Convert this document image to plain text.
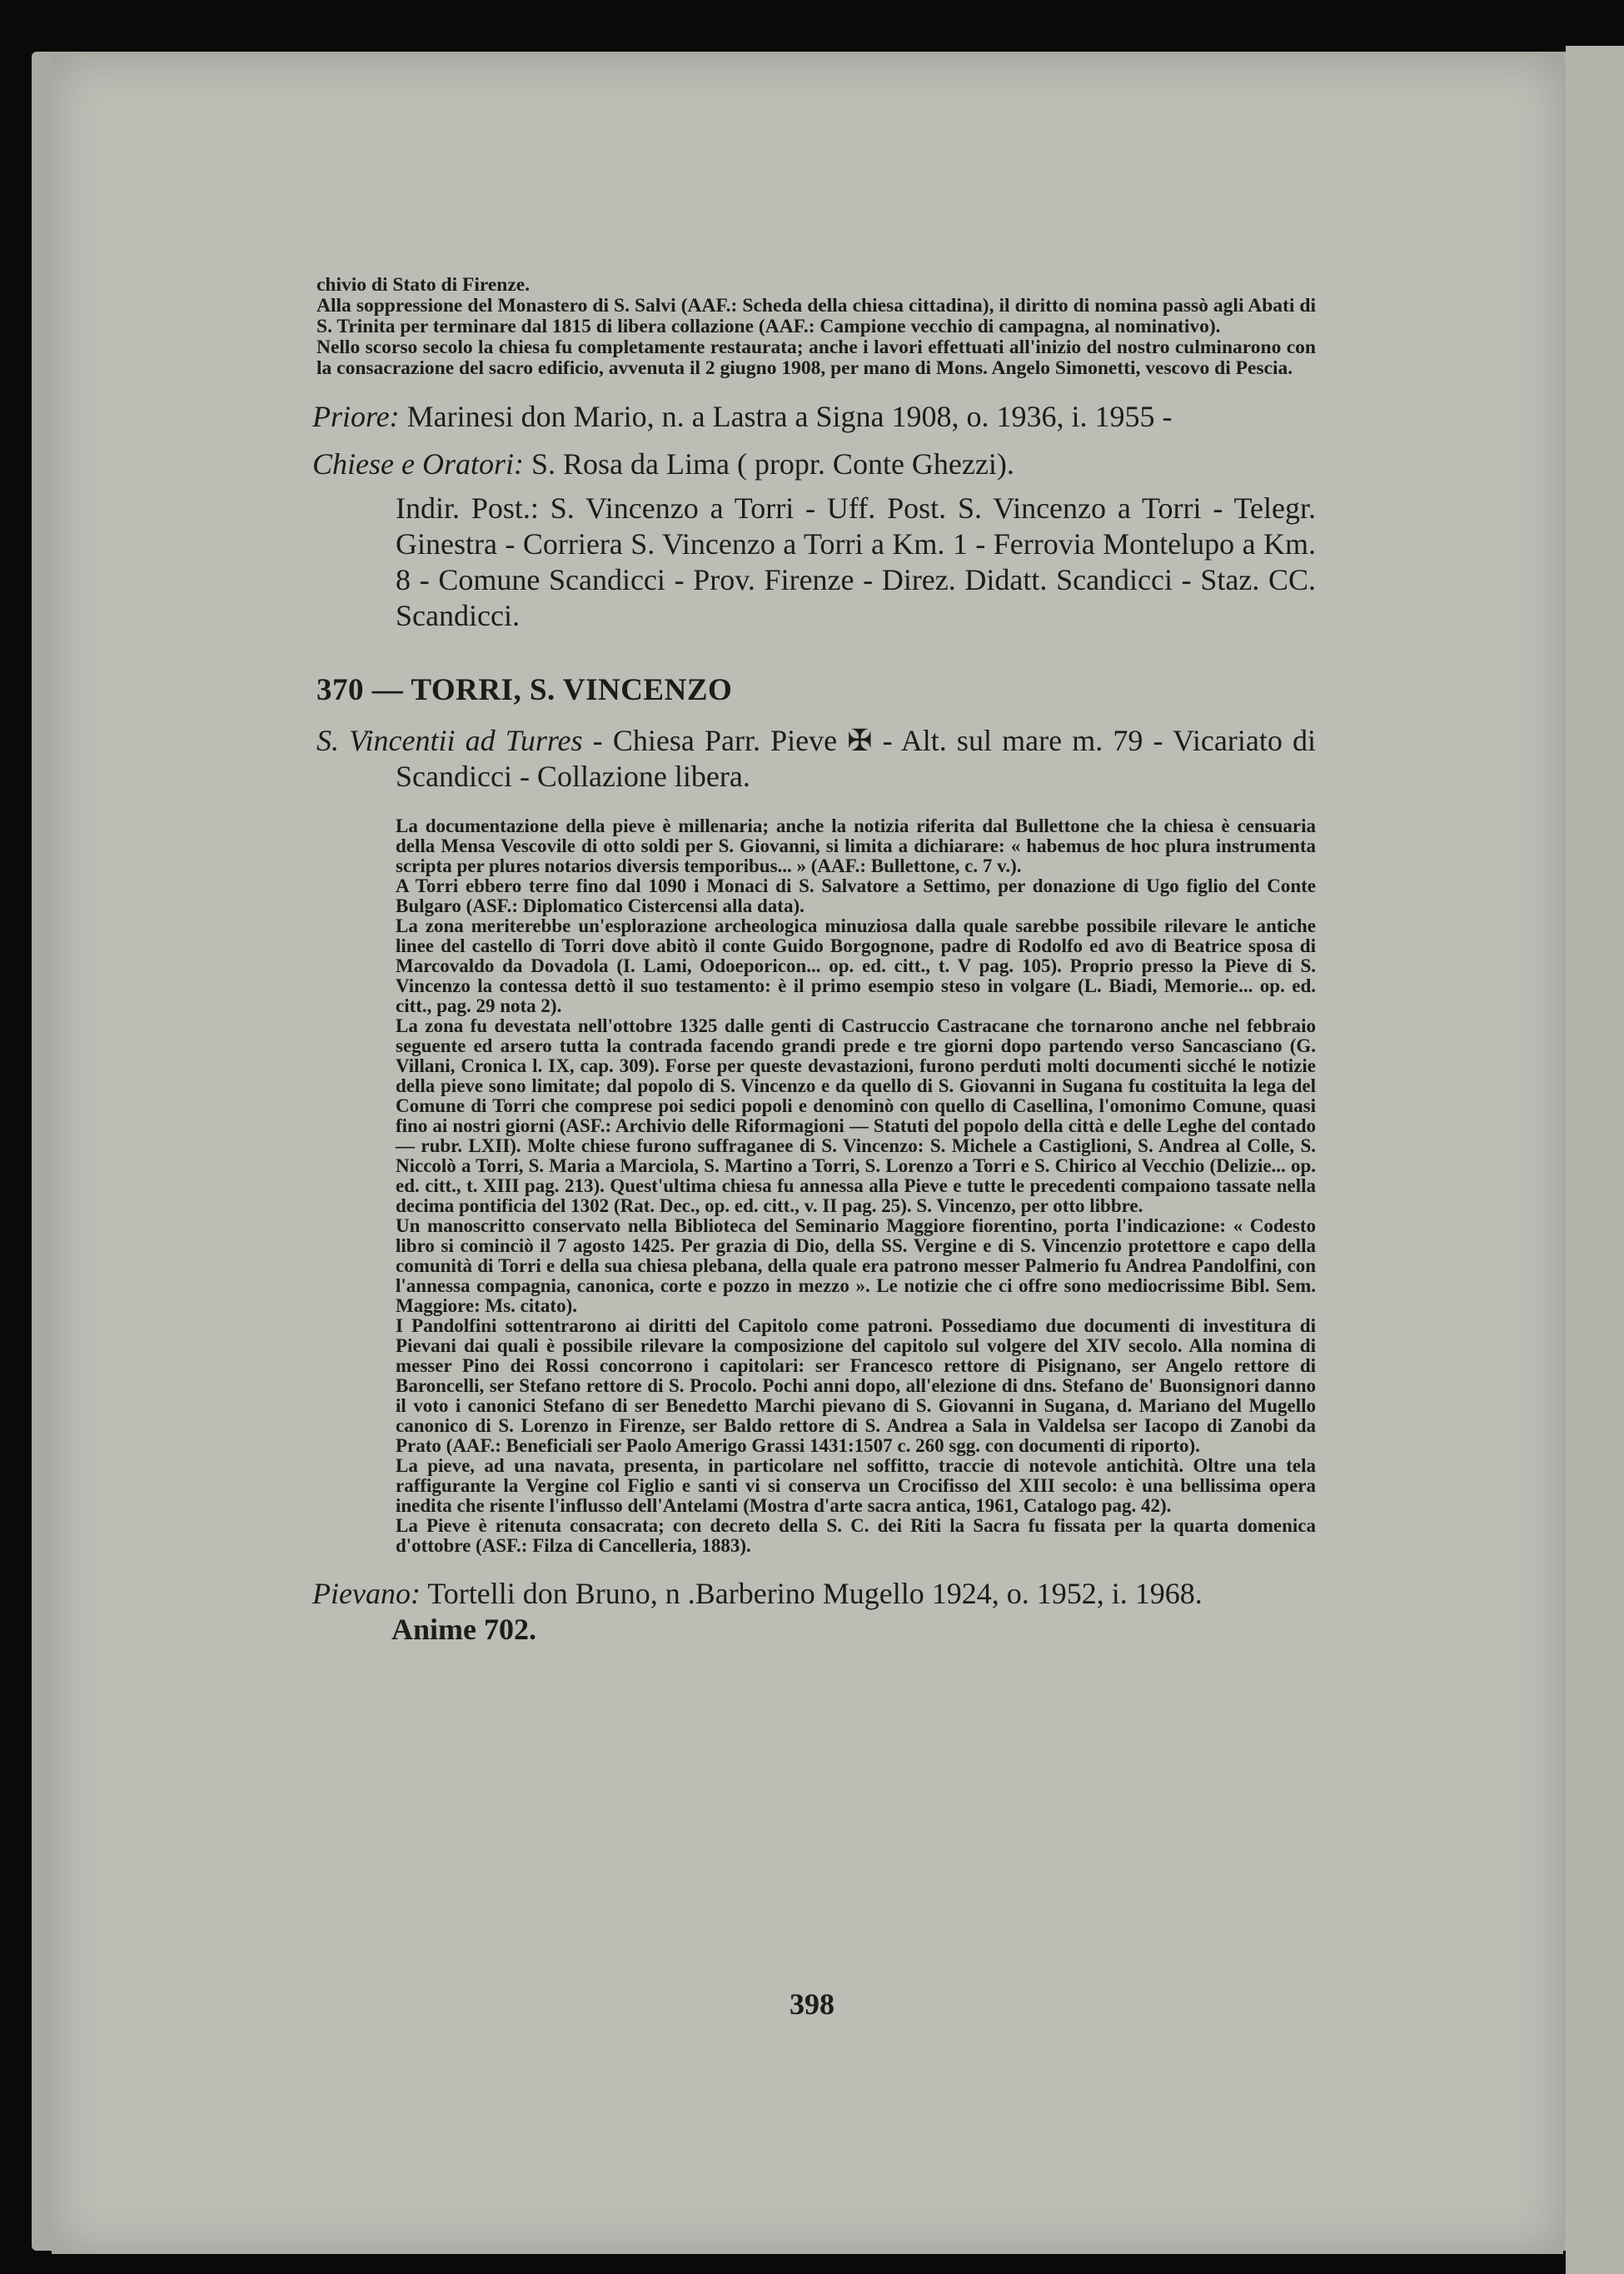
chivio di Stato di Firenze.

Alla soppressione del Monastero di S. Salvi (AAF.: Scheda della chiesa cittadina), il diritto di nomina passò agli Abati di S. Trinita per terminare dal 1815 di libera collazione (AAF.: Campione vecchio di campagna, al nominativo).

Nello scorso secolo la chiesa fu completamente restaurata; anche i lavori effettuati all'inizio del nostro culminarono con la consacrazione del sacro edificio, avvenuta il 2 giugno 1908, per mano di Mons. Angelo Simonetti, vescovo di Pescia.

Priore: Marinesi don Mario, n. a Lastra a Signa 1908, o. 1936, i. 1955 -

Chiese e Oratori: S. Rosa da Lima ( propr. Conte Ghezzi).

Indir. Post.: S. Vincenzo a Torri - Uff. Post. S. Vincenzo a Torri - Telegr. Ginestra - Corriera S. Vincenzo a Torri a Km. 1 - Ferrovia Montelupo a Km. 8 - Comune Scandicci - Prov. Firenze - Direz. Didatt. Scandicci - Staz. CC. Scandicci.

370 — TORRI, S. VINCENZO

S. Vincentii ad Turres - Chiesa Parr. Pieve ✠ - Alt. sul mare m. 79 - Vicariato di Scandicci - Collazione libera.

La documentazione della pieve è millenaria; anche la notizia riferita dal Bullettone che la chiesa è censuaria della Mensa Vescovile di otto soldi per S. Giovanni, si limita a dichiarare: « habemus de hoc plura instrumenta scripta per plures notarios diversis temporibus... » (AAF.: Bullettone, c. 7 v.).

A Torri ebbero terre fino dal 1090 i Monaci di S. Salvatore a Settimo, per donazione di Ugo figlio del Conte Bulgaro (ASF.: Diplomatico Cistercensi alla data).

La zona meriterebbe un'esplorazione archeologica minuziosa dalla quale sarebbe possibile rilevare le antiche linee del castello di Torri dove abitò il conte Guido Borgognone, padre di Rodolfo ed avo di Beatrice sposa di Marcovaldo da Dovadola (I. Lami, Odoeporicon... op. ed. citt., t. V pag. 105). Proprio presso la Pieve di S. Vincenzo la contessa dettò il suo testamento: è il primo esempio steso in volgare (L. Biadi, Memorie... op. ed. citt., pag. 29 nota 2).

La zona fu devestata nell'ottobre 1325 dalle genti di Castruccio Castracane che tornarono anche nel febbraio seguente ed arsero tutta la contrada facendo grandi prede e tre giorni dopo partendo verso Sancasciano (G. Villani, Cronica l. IX, cap. 309). Forse per queste devastazioni, furono perduti molti documenti sicché le notizie della pieve sono limitate; dal popolo di S. Vincenzo e da quello di S. Giovanni in Sugana fu costituita la lega del Comune di Torri che comprese poi sedici popoli e denominò con quello di Casellina, l'omonimo Comune, quasi fino ai nostri giorni (ASF.: Archivio delle Riformagioni — Statuti del popolo della città e delle Leghe del contado — rubr. LXII). Molte chiese furono suffraganee di S. Vincenzo: S. Michele a Castiglioni, S. Andrea al Colle, S. Niccolò a Torri, S. Maria a Marciola, S. Martino a Torri, S. Lorenzo a Torri e S. Chirico al Vecchio (Delizie... op. ed. citt., t. XIII pag. 213). Quest'ultima chiesa fu annessa alla Pieve e tutte le precedenti compaiono tassate nella decima pontificia del 1302 (Rat. Dec., op. ed. citt., v. II pag. 25). S. Vincenzo, per otto libbre.

Un manoscritto conservato nella Biblioteca del Seminario Maggiore fiorentino, porta l'indicazione: « Codesto libro si cominciò il 7 agosto 1425. Per grazia di Dio, della SS. Vergine e di S. Vincenzio protettore e capo della comunità di Torri e della sua chiesa plebana, della quale era patrono messer Palmerio fu Andrea Pandolfini, con l'annessa compagnia, canonica, corte e pozzo in mezzo ». Le notizie che ci offre sono mediocrissime Bibl. Sem. Maggiore: Ms. citato).

I Pandolfini sottentrarono ai diritti del Capitolo come patroni. Possediamo due documenti di investitura di Pievani dai quali è possibile rilevare la composizione del capitolo sul volgere del XIV secolo. Alla nomina di messer Pino dei Rossi concorrono i capitolari: ser Francesco rettore di Pisignano, ser Angelo rettore di Baroncelli, ser Stefano rettore di S. Procolo. Pochi anni dopo, all'elezione di dns. Stefano de' Buonsignori danno il voto i canonici Stefano di ser Benedetto Marchi pievano di S. Giovanni in Sugana, d. Mariano del Mugello canonico di S. Lorenzo in Firenze, ser Baldo rettore di S. Andrea a Sala in Valdelsa ser Iacopo di Zanobi da Prato (AAF.: Beneficiali ser Paolo Amerigo Grassi 1431:1507 c. 260 sgg. con documenti di riporto).

La pieve, ad una navata, presenta, in particolare nel soffitto, traccie di notevole antichità. Oltre una tela raffigurante la Vergine col Figlio e santi vi si conserva un Crocifisso del XIII secolo: è una bellissima opera inedita che risente l'influsso dell'Antelami (Mostra d'arte sacra antica, 1961, Catalogo pag. 42).

La Pieve è ritenuta consacrata; con decreto della S. C. dei Riti la Sacra fu fissata per la quarta domenica d'ottobre (ASF.: Filza di Cancelleria, 1883).

Pievano: Tortelli don Bruno, n .Barberino Mugello 1924, o. 1952, i. 1968.

Anime 702.

398
